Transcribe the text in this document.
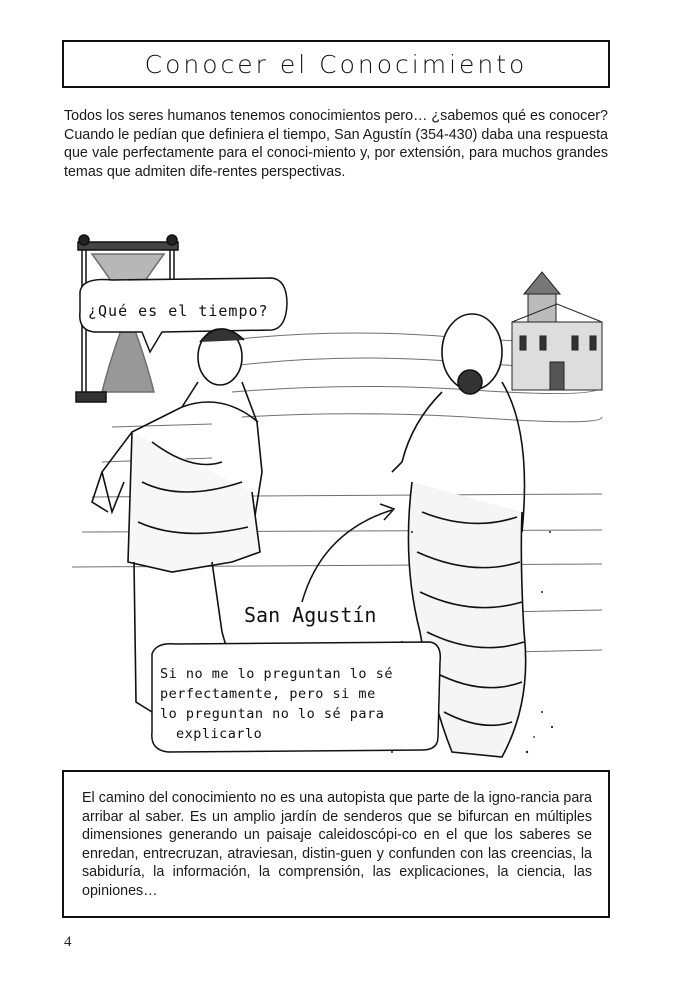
Conocer el Conocimiento

Todos los seres humanos tenemos conocimientos pero… ¿sabemos qué es conocer? Cuando le pedían que definiera el tiempo, San Agustín (354-430) daba una respuesta que vale perfectamente para el conoci-miento y, por extensión, para muchos grandes temas que admiten dife-rentes perspectivas.

¿Qué es el tiempo?
San Agustín
Si no me lo preguntan lo sé
perfectamente, pero si me
lo preguntan no lo sé para
explicarlo

El camino del conocimiento no es una autopista que parte de la igno-rancia para arribar al saber. Es un amplio jardín de senderos que se bifurcan en múltiples dimensiones generando un paisaje caleidoscópi-co en el que los saberes se enredan, entrecruzan, atraviesan, distin-guen y confunden con las creencias, la sabiduría, la información, la comprensión, las explicaciones, la ciencia, las opiniones…

4
